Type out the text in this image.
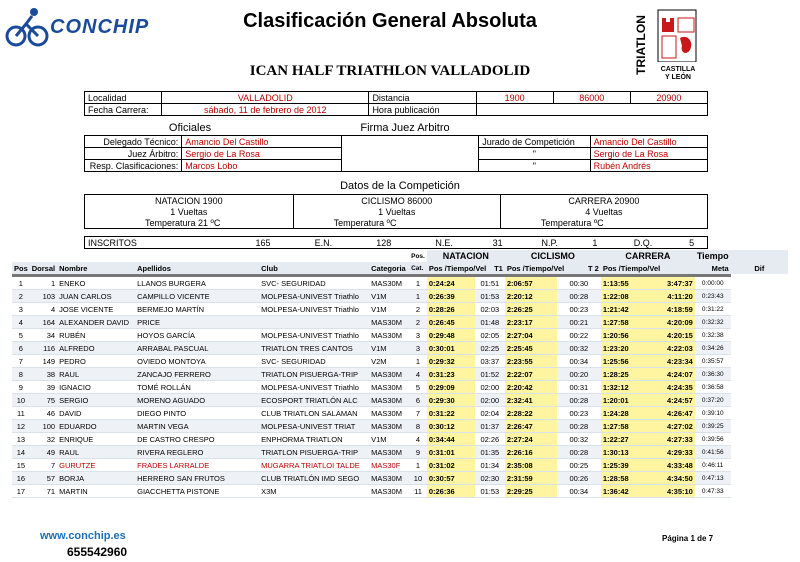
CONCHIP	Clasificación General Absoluta
ICAN HALF TRIATHLON VALLADOLID	TRIATLON	CASTILLA Y LEÓN
Localidad	VALLADOLID	Distancia	1900	86000	20900
Fecha Carrera:	sábado, 11 de febrero de 2012	Hora publicación			
Oficiales	Firma Juez Arbitro
Delegado Técnico:	Amancio Del Castillo		Jurado de Competición	Amancio Del Castillo
Juez Árbitro:	Sergio de La Rosa		"	Sergio de La Rosa
Resp. Clasificaciones:	Marcos Lobo		"	Rubén Andrés
Datos de la Competición
NATACION 1900	CICLISMO 86000	CARRERA 20900
1 Vueltas	1 Vueltas	4 Vueltas
Temperatura 21 ºC	Temperatura ºC	Temperatura ºC
INSCRITOS	165	E.N.	128	N.E.	31	N.P.	1	D.Q.	5
						Pos.	NATACION		CICLISMO		CARRERA		Tiempo	
Pos	Dorsal	Nombre	Apellidos	Club	Categoria	Cat.	Pos /Tiempo/Vel T1		Pos /Tiempo/Vel T 2		Pos /Tiempo/Vel		Meta	Dif

1	1	ENEKO	LLANOS BURGERA	SVC- SEGURIDAD	MAS30M	1	0:24:24	01:51	2:06:57	00:30	1:13:55	3:47:37	0:00:00	
2	103	JUAN CARLOS	CAMPILLO VICENTE	MOLPESA-UNIVEST Triathlo	V1M	1	0:26:39	01:53	2:20:12	00:28	1:22:08	4:11:20	0:23:43	
3	4	JOSE VICENTE	BERMEJO MARTÍN	MOLPESA-UNIVEST Triathlo	V1M	2	0:28:26	02:03	2:26:25	00:23	1:21:42	4:18:59	0:31:22	
4	164	ALEXANDER DAVID	PRICE		MAS30M	2	0:26:45	01:48	2:23:17	00:21	1:27:58	4:20:09	0:32:32	
5	34	RUBÉN	HOYOS GARCÍA	MOLPESA-UNIVEST Triathlo	MAS30M	3	0:29:48	02:05	2:27:04	00:22	1:20:56	4:20:15	0:32:38	
6	116	ALFREDO	ARRABAL PASCUAL	TRIATLON TRES CANTOS	V1M	3	0:30:01	02:25	2:25:45	00:32	1:23:20	4:22:03	0:34:26	
7	149	PEDRO	OVIEDO MONTOYA	SVC- SEGURIDAD	V2M	1	0:29:32	03:37	2:23:55	00:34	1:25:56	4:23:34	0:35:57	
8	38	RAUL	ZANCAJO FERRERO	TRIATLON PISUERGA-TRIP	MAS30M	4	0:31:23	01:52	2:22:07	00:20	1:28:25	4:24:07	0:36:30	
9	39	IGNACIO	TOMÉ ROLLÁN	MOLPESA-UNIVEST Triathlo	MAS30M	5	0:29:09	02:00	2:20:42	00:31	1:32:12	4:24:35	0:36:58	
10	75	SERGIO	MORENO AGUADO	ECOSPORT TRIATLÓN ALC	MAS30M	6	0:29:30	02:00	2:32:41	00:28	1:20:01	4:24:57	0:37:20	
11	46	DAVID	DIEGO PINTO	CLUB TRIATLON SALAMAN	MAS30M	7	0:31:22	02:04	2:28:22	00:23	1:24:28	4:26:47	0:39:10	
12	100	EDUARDO	MARTIN VEGA	MOLPESA-UNIVEST TRIAT	MAS30M	8	0:30:12	01:37	2:26:47	00:28	1:27:58	4:27:02	0:39:25	
13	32	ENRIQUE	DE CASTRO CRESPO	ENPHORMA TRIATLON	V1M	4	0:34:44	02:26	2:27:24	00:32	1:22:27	4:27:33	0:39:56	
14	49	RAUL	RIVERA REGLERO	TRIATLON PISUERGA-TRIP	MAS30M	9	0:31:01	01:35	2:26:16	00:28	1:30:13	4:29:33	0:41:56	
15	7	GURUTZE	FRADES LARRALDE	MUGARRA TRIATLOI TALDE	MAS30F	1	0:31:02	01:34	2:35:08	00:25	1:25:39	4:33:48	0:46:11	
16	57	BORJA	HERRERO SAN FRUTOS	CLUB TRIATLÓN IMD SEGO	MAS30M	10	0:30:57	02:30	2:31:59	00:26	1:28:58	4:34:50	0:47:13	
17	71	MARTIN	GIACCHETTA PISTONE	X3M	MAS30M	11	0:26:36	01:53	2:29:25	00:34	1:36:42	4:35:10	0:47:33	
www.conchip.es
655542960
Página 1 de 7
